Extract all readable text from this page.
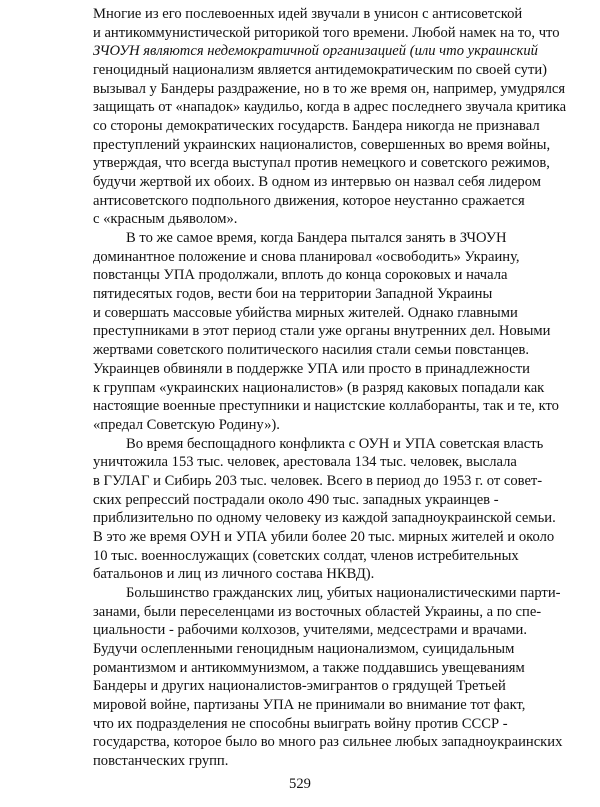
Многие из его послевоенных идей звучали в унисон с антисоветской
и антикоммунистической риторикой того времени. Любой намек на то, что
ЗЧОУН являются недемократичной организацией (или что украинский
геноцидный национализм является антидемократическим по своей сути)
вызывал у Бандеры раздражение, но в то же время он, например, умудрялся
защищать от «нападок» каудильо, когда в адрес последнего звучала критика
со стороны демократических государств. Бандера никогда не признавал
преступлений украинских националистов, совершенных во время войны,
утверждая, что всегда выступал против немецкого и советского режимов,
будучи жертвой их обоих. В одном из интервью он назвал себя лидером
антисоветского подпольного движения, которое неустанно сражается
с «красным дьяволом».
В то же самое время, когда Бандера пытался занять в ЗЧОУН
доминантное положение и снова планировал «освободить» Украину,
повстанцы УПА продолжали, вплоть до конца сороковых и начала
пятидесятых годов, вести бои на территории Западной Украины
и совершать массовые убийства мирных жителей. Однако главными
преступниками в этот период стали уже органы внутренних дел. Новыми
жертвами советского политического насилия стали семьи повстанцев.
Украинцев обвиняли в поддержке УПА или просто в принадлежности
к группам «украинских националистов» (в разряд каковых попадали как
настоящие военные преступники и нацистские коллаборанты, так и те, кто
«предал Советскую Родину»).
Во время беспощадного конфликта с ОУН и УПА советская власть
уничтожила 153 тыс. человек, арестовала 134 тыс. человек, выслала
в ГУЛАГ и Сибирь 203 тыс. человек. Всего в период до 1953 г. от совет-
ских репрессий пострадали около 490 тыс. западных украинцев -
приблизительно по одному человеку из каждой западноукраинской семьи.
В это же время ОУН и УПА убили более 20 тыс. мирных жителей и около
10 тыс. военнослужащих (советских солдат, членов истребительных
батальонов и лиц из личного состава НКВД).
Большинство гражданских лиц, убитых националистическими парти-
занами, были переселенцами из восточных областей Украины, а по спе-
циальности - рабочими колхозов, учителями, медсестрами и врачами.
Будучи ослепленными геноцидным национализмом, суицидальным
романтизмом и антикоммунизмом, а также поддавшись увещеваниям
Бандеры и других националистов-эмигрантов о грядущей Третьей
мировой войне, партизаны УПА не принимали во внимание тот факт,
что их подразделения не способны выиграть войну против СССР -
государства, которое было во много раз сильнее любых западноукраинских
повстанческих групп.
529
